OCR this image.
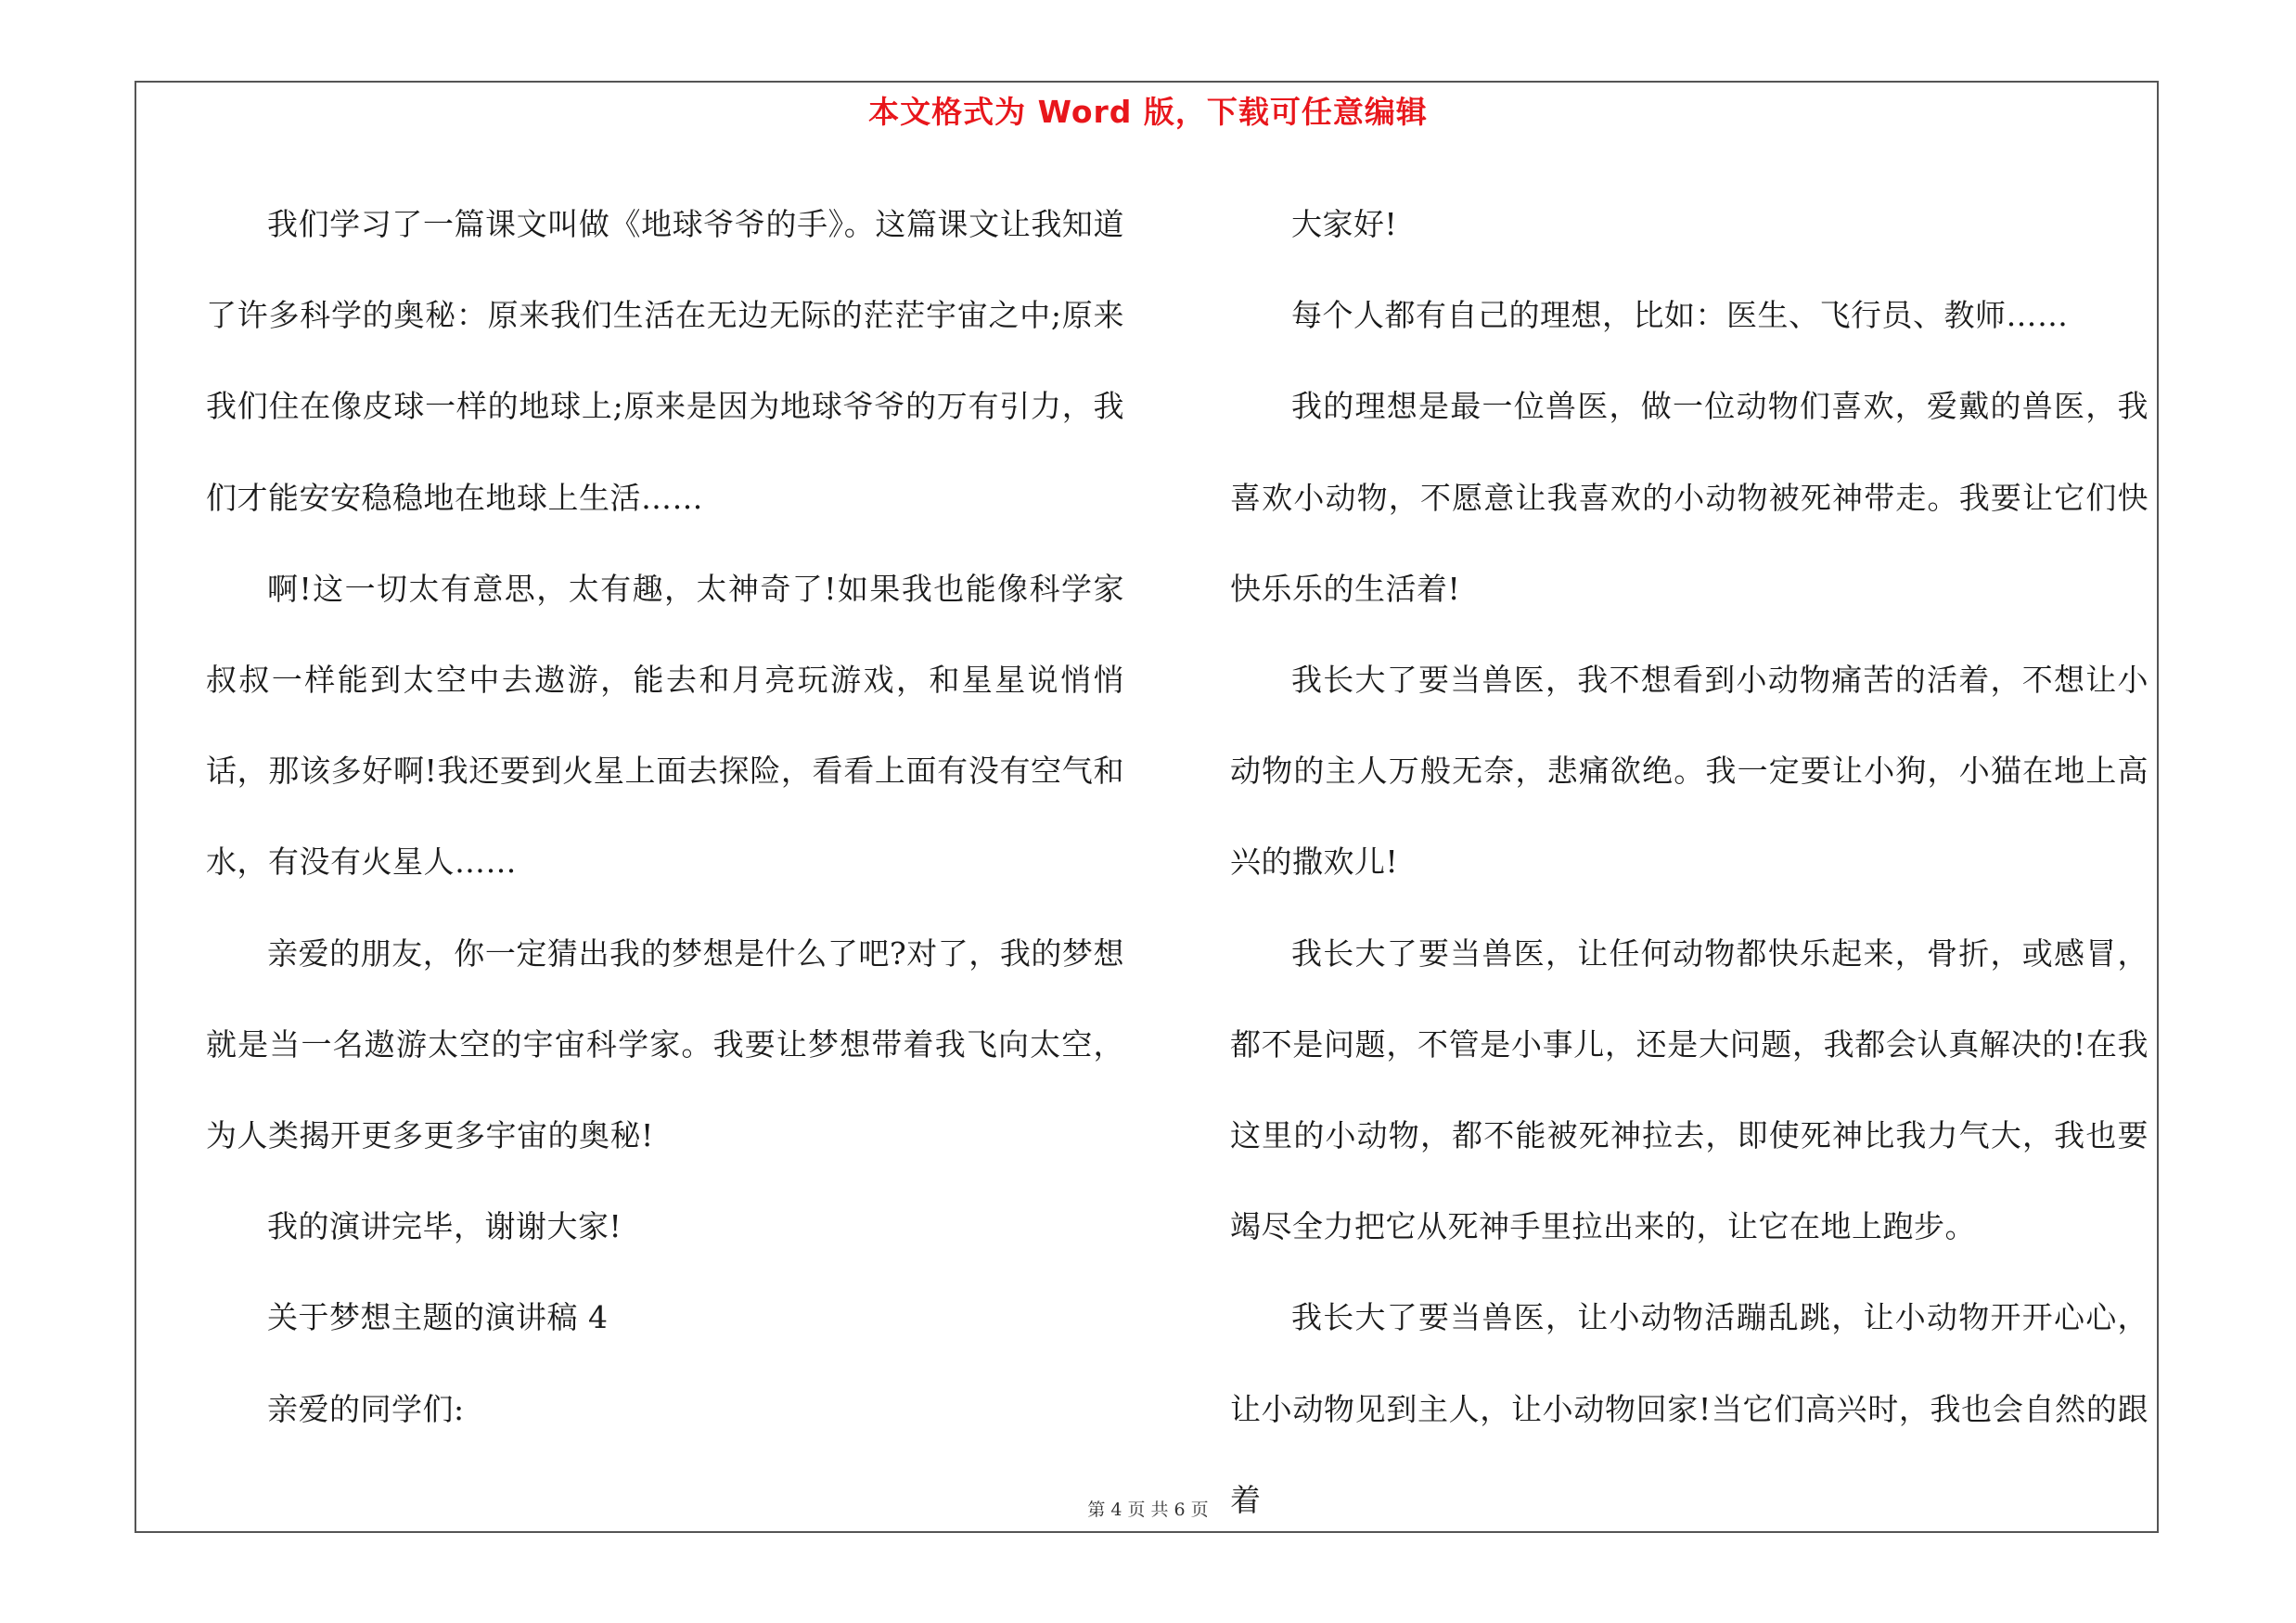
本文格式为 Word 版，下载可任意编辑

我们学习了一篇课文叫做《地球爷爷的手》。这篇课文让我知道了许多科学的奥秘：原来我们生活在无边无际的茫茫宇宙之中;原来我们住在像皮球一样的地球上;原来是因为地球爷爷的万有引力，我们才能安安稳稳地在地球上生活……

啊!这一切太有意思，太有趣，太神奇了!如果我也能像科学家叔叔一样能到太空中去遨游，能去和月亮玩游戏，和星星说悄悄话，那该多好啊!我还要到火星上面去探险，看看上面有没有空气和水，有没有火星人……

亲爱的朋友，你一定猜出我的梦想是什么了吧?对了，我的梦想就是当一名遨游太空的宇宙科学家。我要让梦想带着我飞向太空，为人类揭开更多更多宇宙的奥秘!

我的演讲完毕，谢谢大家!

关于梦想主题的演讲稿 4

亲爱的同学们:

大家好!

每个人都有自己的理想，比如：医生、飞行员、教师……

我的理想是最一位兽医，做一位动物们喜欢，爱戴的兽医，我喜欢小动物，不愿意让我喜欢的小动物被死神带走。我要让它们快快乐乐的生活着!

我长大了要当兽医，我不想看到小动物痛苦的活着，不想让小动物的主人万般无奈，悲痛欲绝。我一定要让小狗，小猫在地上高兴的撒欢儿!

我长大了要当兽医，让任何动物都快乐起来，骨折，或感冒，都不是问题，不管是小事儿，还是大问题，我都会认真解决的!在我这里的小动物，都不能被死神拉去，即使死神比我力气大，我也要竭尽全力把它从死神手里拉出来的，让它在地上跑步。

我长大了要当兽医，让小动物活蹦乱跳，让小动物开开心心，让小动物见到主人，让小动物回家!当它们高兴时，我也会自然的跟着

第 4 页 共 6 页
